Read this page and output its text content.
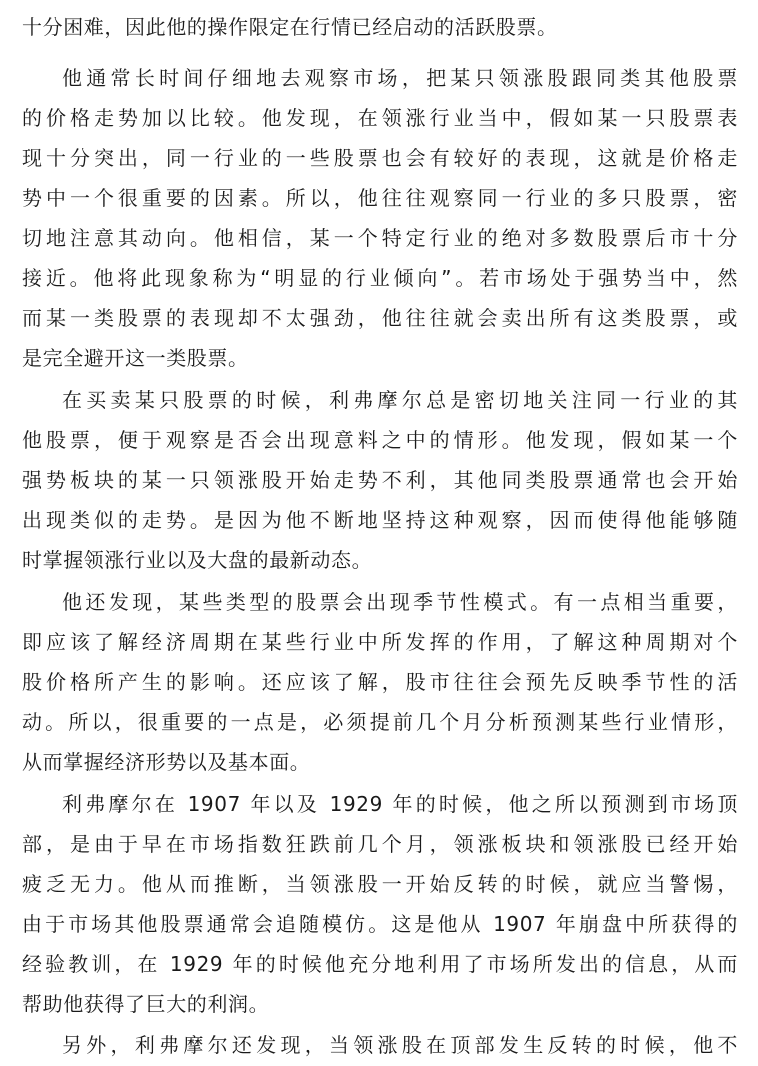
十分困难，因此他的操作限定在行情已经启动的活跃股票。
他通常长时间仔细地去观察市场，把某只领涨股跟同类其他股票
的价格走势加以比较。他发现，在领涨行业当中，假如某一只股票表
现十分突出，同一行业的一些股票也会有较好的表现，这就是价格走
势中一个很重要的因素。所以，他往往观察同一行业的多只股票，密
切地注意其动向。他相信，某一个特定行业的绝对多数股票后市十分
接近。他将此现象称为“明显的行业倾向”。若市场处于强势当中，然
而某一类股票的表现却不太强劲，他往往就会卖出所有这类股票，或
是完全避开这一类股票。
在买卖某只股票的时候，利弗摩尔总是密切地关注同一行业的其
他股票，便于观察是否会出现意料之中的情形。他发现，假如某一个
强势板块的某一只领涨股开始走势不利，其他同类股票通常也会开始
出现类似的走势。是因为他不断地坚持这种观察，因而使得他能够随
时掌握领涨行业以及大盘的最新动态。
他还发现，某些类型的股票会出现季节性模式。有一点相当重要，
即应该了解经济周期在某些行业中所发挥的作用，了解这种周期对个
股价格所产生的影响。还应该了解，股市往往会预先反映季节性的活
动。所以，很重要的一点是，必须提前几个月分析预测某些行业情形，
从而掌握经济形势以及基本面。
利弗摩尔在 1907 年以及 1929 年的时候，他之所以预测到市场顶
部，是由于早在市场指数狂跌前几个月，领涨板块和领涨股已经开始
疲乏无力。他从而推断，当领涨股一开始反转的时候，就应当警惕，
由于市场其他股票通常会追随模仿。这是他从 1907 年崩盘中所获得的
经验教训，在 1929 年的时候他充分地利用了市场所发出的信息，从而
帮助他获得了巨大的利润。
另外，利弗摩尔还发现，当领涨股在顶部发生反转的时候，他不
